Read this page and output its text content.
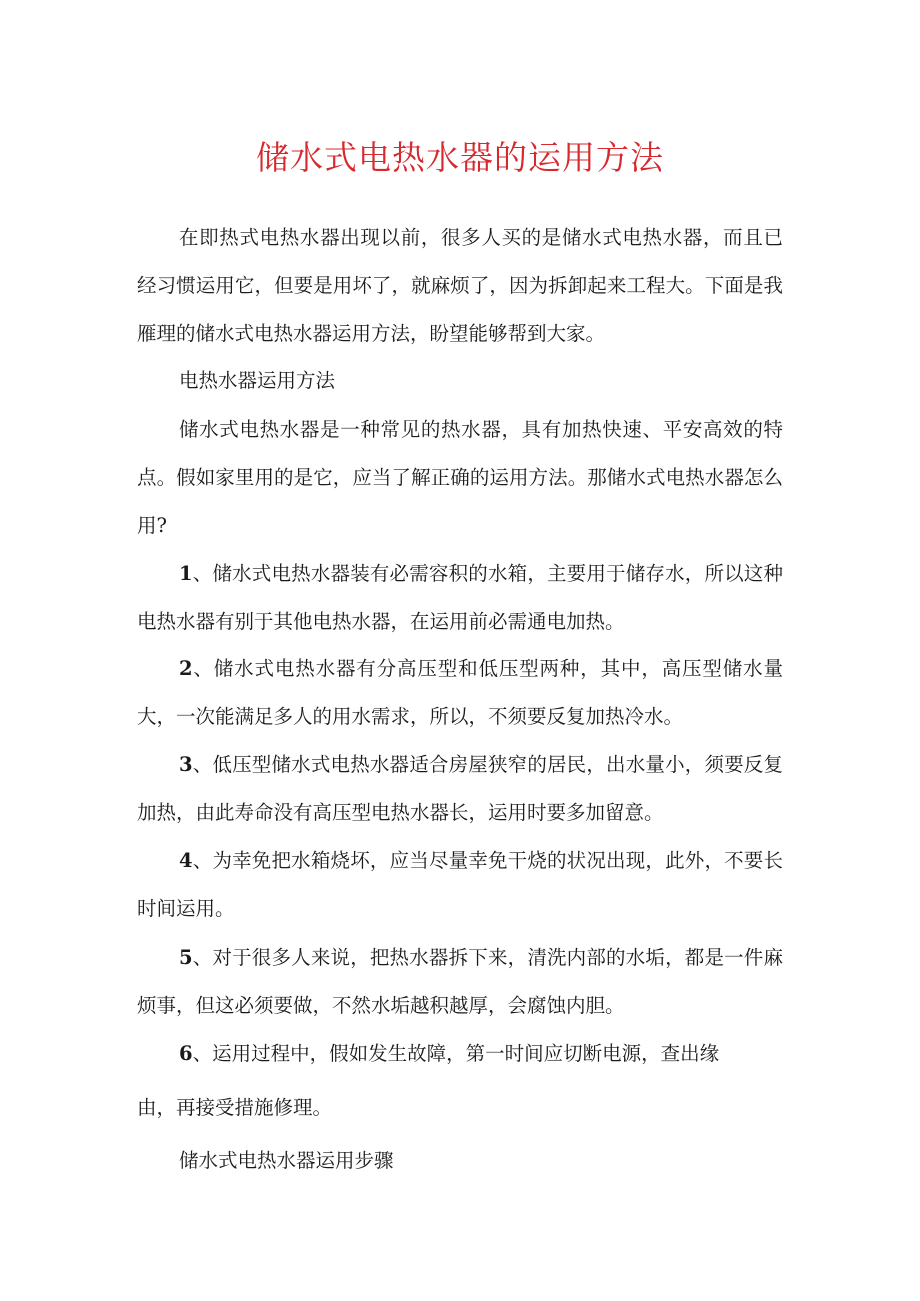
储水式电热水器的运用方法

在即热式电热水器出现以前，很多人买的是储水式电热水器，而且已经习惯运用它，但要是用坏了，就麻烦了，因为拆卸起来工程大。下面是我雁理的储水式电热水器运用方法，盼望能够帮到大家。

电热水器运用方法

储水式电热水器是一种常见的热水器，具有加热快速、平安高效的特点。假如家里用的是它，应当了解正确的运用方法。那储水式电热水器怎么用?

1、储水式电热水器装有必需容积的水箱，主要用于储存水，所以这种电热水器有别于其他电热水器，在运用前必需通电加热。

2、储水式电热水器有分高压型和低压型两种，其中，高压型储水量大，一次能满足多人的用水需求，所以，不须要反复加热冷水。

3、低压型储水式电热水器适合房屋狭窄的居民，出水量小，须要反复加热，由此寿命没有高压型电热水器长，运用时要多加留意。

4、为幸免把水箱烧坏，应当尽量幸免干烧的状况出现，此外，不要长时间运用。

5、对于很多人来说，把热水器拆下来，清洗内部的水垢，都是一件麻烦事，但这必须要做，不然水垢越积越厚，会腐蚀内胆。

6、运用过程中，假如发生故障，第一时间应切断电源，查出缘

由，再接受措施修理。

储水式电热水器运用步骤
